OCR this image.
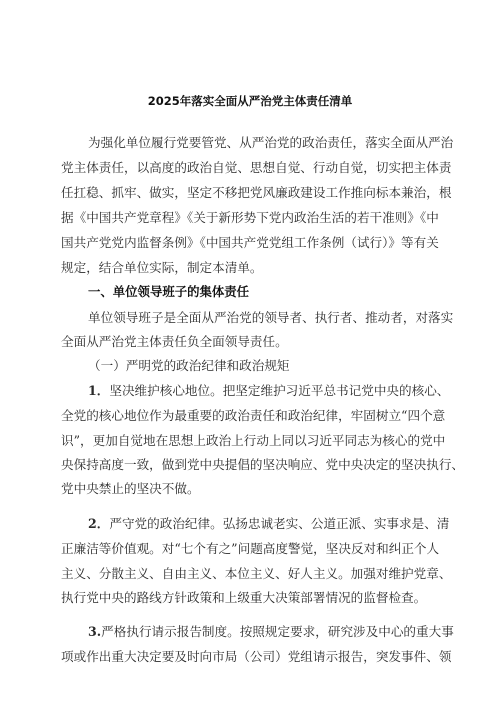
2025年落实全面从严治党主体责任清单
为强化单位履行党要管党、从严治党的政治责任，落实全面从严治
党主体责任，以高度的政治自觉、思想自觉、行动自觉，切实把主体责
任扛稳、抓牢、做实，坚定不移把党风廉政建设工作推向标本兼治，根
据《中国共产党章程》《关于新形势下党内政治生活的若干准则》《中
国共产党党内监督条例》《中国共产党党组工作条例（试行）》等有关
规定，结合单位实际，制定本清单。
一、单位领导班子的集体责任
单位领导班子是全面从严治党的领导者、执行者、推动者，对落实
全面从严治党主体责任负全面领导责任。
（一）严明党的政治纪律和政治规矩
1．坚决维护核心地位。把坚定维护习近平总书记党中央的核心、
全党的核心地位作为最重要的政治责任和政治纪律，牢固树立“四个意
识”，更加自觉地在思想上政治上行动上同以习近平同志为核心的党中
央保持高度一致，做到党中央提倡的坚决响应、党中央决定的坚决执行、
党中央禁止的坚决不做。
2．严守党的政治纪律。弘扬忠诚老实、公道正派、实事求是、清
正廉洁等价值观。对“七个有之”问题高度警觉，坚决反对和纠正个人
主义、分散主义、自由主义、本位主义、好人主义。加强对维护党章、
执行党中央的路线方针政策和上级重大决策部署情况的监督检查。
3.严格执行请示报告制度。按照规定要求，研究涉及中心的重大事
项或作出重大决定要及时向市局（公司）党组请示报告，突发事件、领
